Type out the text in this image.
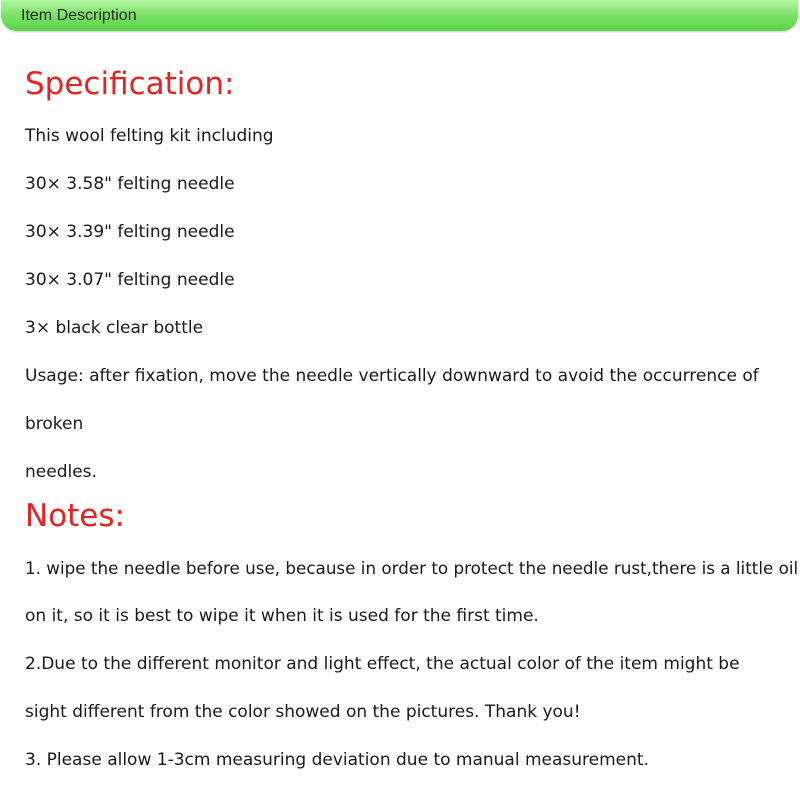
Item Description
Specification:

This wool felting kit including

30× 3.58" felting needle

30× 3.39" felting needle

30× 3.07" felting needle

3× black clear bottle

Usage: after fixation, move the needle vertically downward to avoid the occurrence of

broken

needles.

Notes:

1. wipe the needle before use, because in order to protect the needle rust,there is a little oil

on it, so it is best to wipe it when it is used for the first time.

2.Due to the different monitor and light effect, the actual color of the item might be

sight different from the color showed on the pictures. Thank you!

3. Please allow 1-3cm measuring deviation due to manual measurement.
